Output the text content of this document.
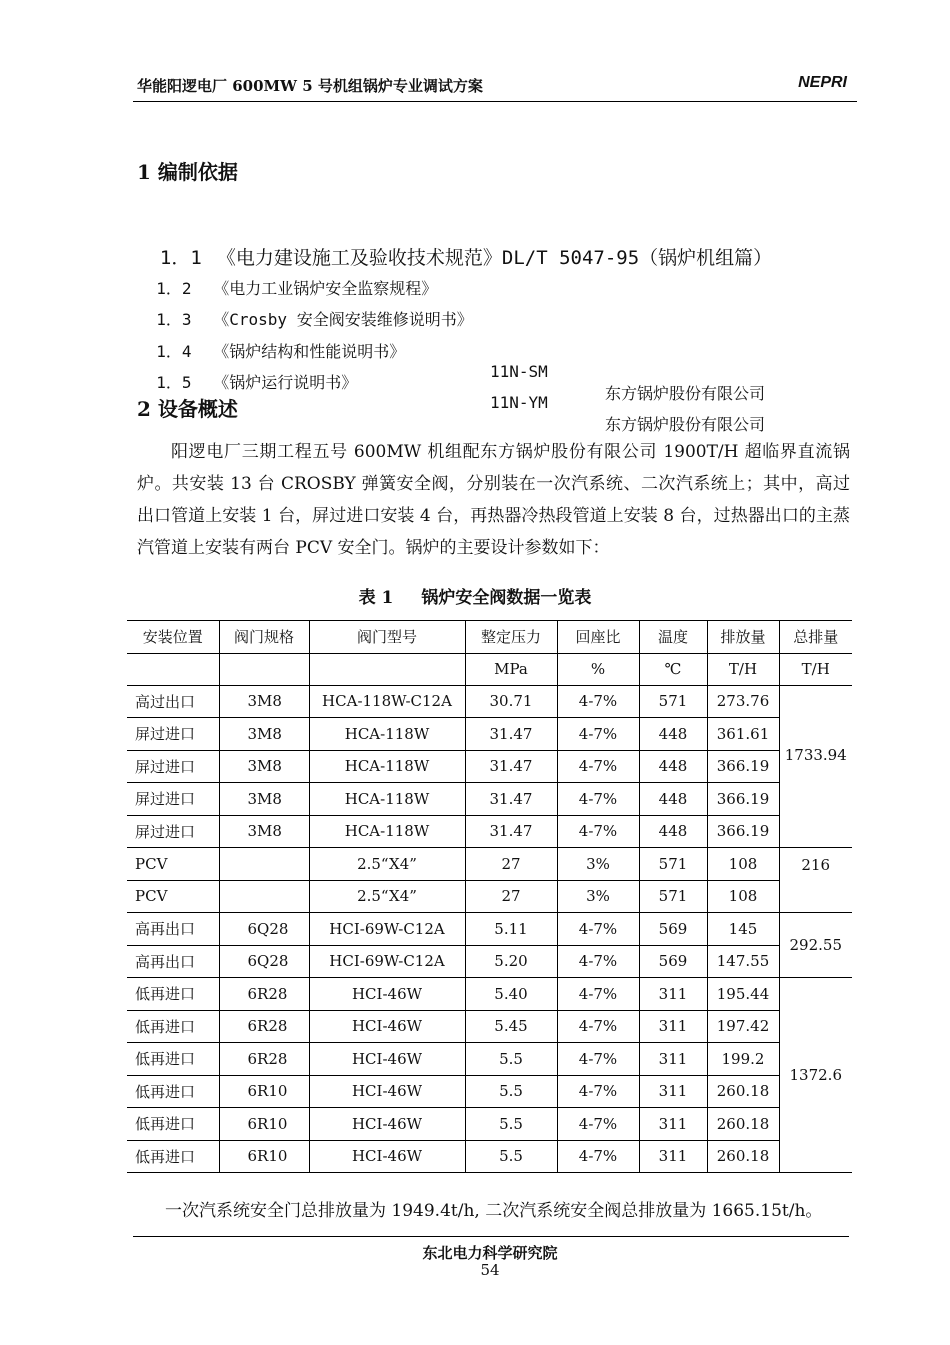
华能阳逻电厂 600MW 5 号机组锅炉专业调试方案	NEPRI
1 编制依据

1．1 《电力建设施工及验收技术规范》DL/T 5047-95（锅炉机组篇）

1．2 《电力工业锅炉安全监察规程》

1．3 《Crosby 安全阀安装维修说明书》

1．4 《锅炉结构和性能说明书》

11N-SM

东方锅炉股份有限公司

1．5 《锅炉运行说明书》

11N-YM

东方锅炉股份有限公司

2 设备概述
阳逻电厂三期工程五号 600MW 机组配东方锅炉股份有限公司 1900T/H 超临界直流锅炉。共安装 13 台 CROSBY 弹簧安全阀，分别装在一次汽系统、二次汽系统上；其中，高过出口管道上安装 1 台，屏过进口安装 4 台，再热器冷热段管道上安装 8 台，过热器出口的主蒸汽管道上安装有两台 PCV 安全门。锅炉的主要设计参数如下：
表 1 锅炉安全阀数据一览表
安装位置	阀门规格	阀门型号	整定压力	回座比	温度	排放量	总排量
			MPa	%	℃	T/H	T/H
高过出口	3M8	HCA-118W-C12A	30.71	4-7%	571	273.76	1733.94
屏过进口	3M8	HCA-118W	31.47	4-7%	448	361.61	
屏过进口	3M8	HCA-118W	31.47	4-7%	448	366.19	
屏过进口	3M8	HCA-118W	31.47	4-7%	448	366.19	
屏过进口	3M8	HCA-118W	31.47	4-7%	448	366.19	
PCV		2.5“X4”	27	3%	571	108	216
PCV		2.5“X4”	27	3%	571	108	
高再出口	6Q28	HCI-69W-C12A	5.11	4-7%	569	145	292.55
高再出口	6Q28	HCI-69W-C12A	5.20	4-7%	569	147.55	
低再进口	6R28	HCI-46W	5.40	4-7%	311	195.44	1372.6
低再进口	6R28	HCI-46W	5.45	4-7%	311	197.42	
低再进口	6R28	HCI-46W	5.5	4-7%	311	199.2	
低再进口	6R10	HCI-46W	5.5	4-7%	311	260.18	
低再进口	6R10	HCI-46W	5.5	4-7%	311	260.18	
低再进口	6R10	HCI-46W	5.5	4-7%	311	260.18	
一次汽系统安全门总排放量为 1949.4t/h, 二次汽系统安全阀总排放量为 1665.15t/h。
东北电力科学研究院
54
